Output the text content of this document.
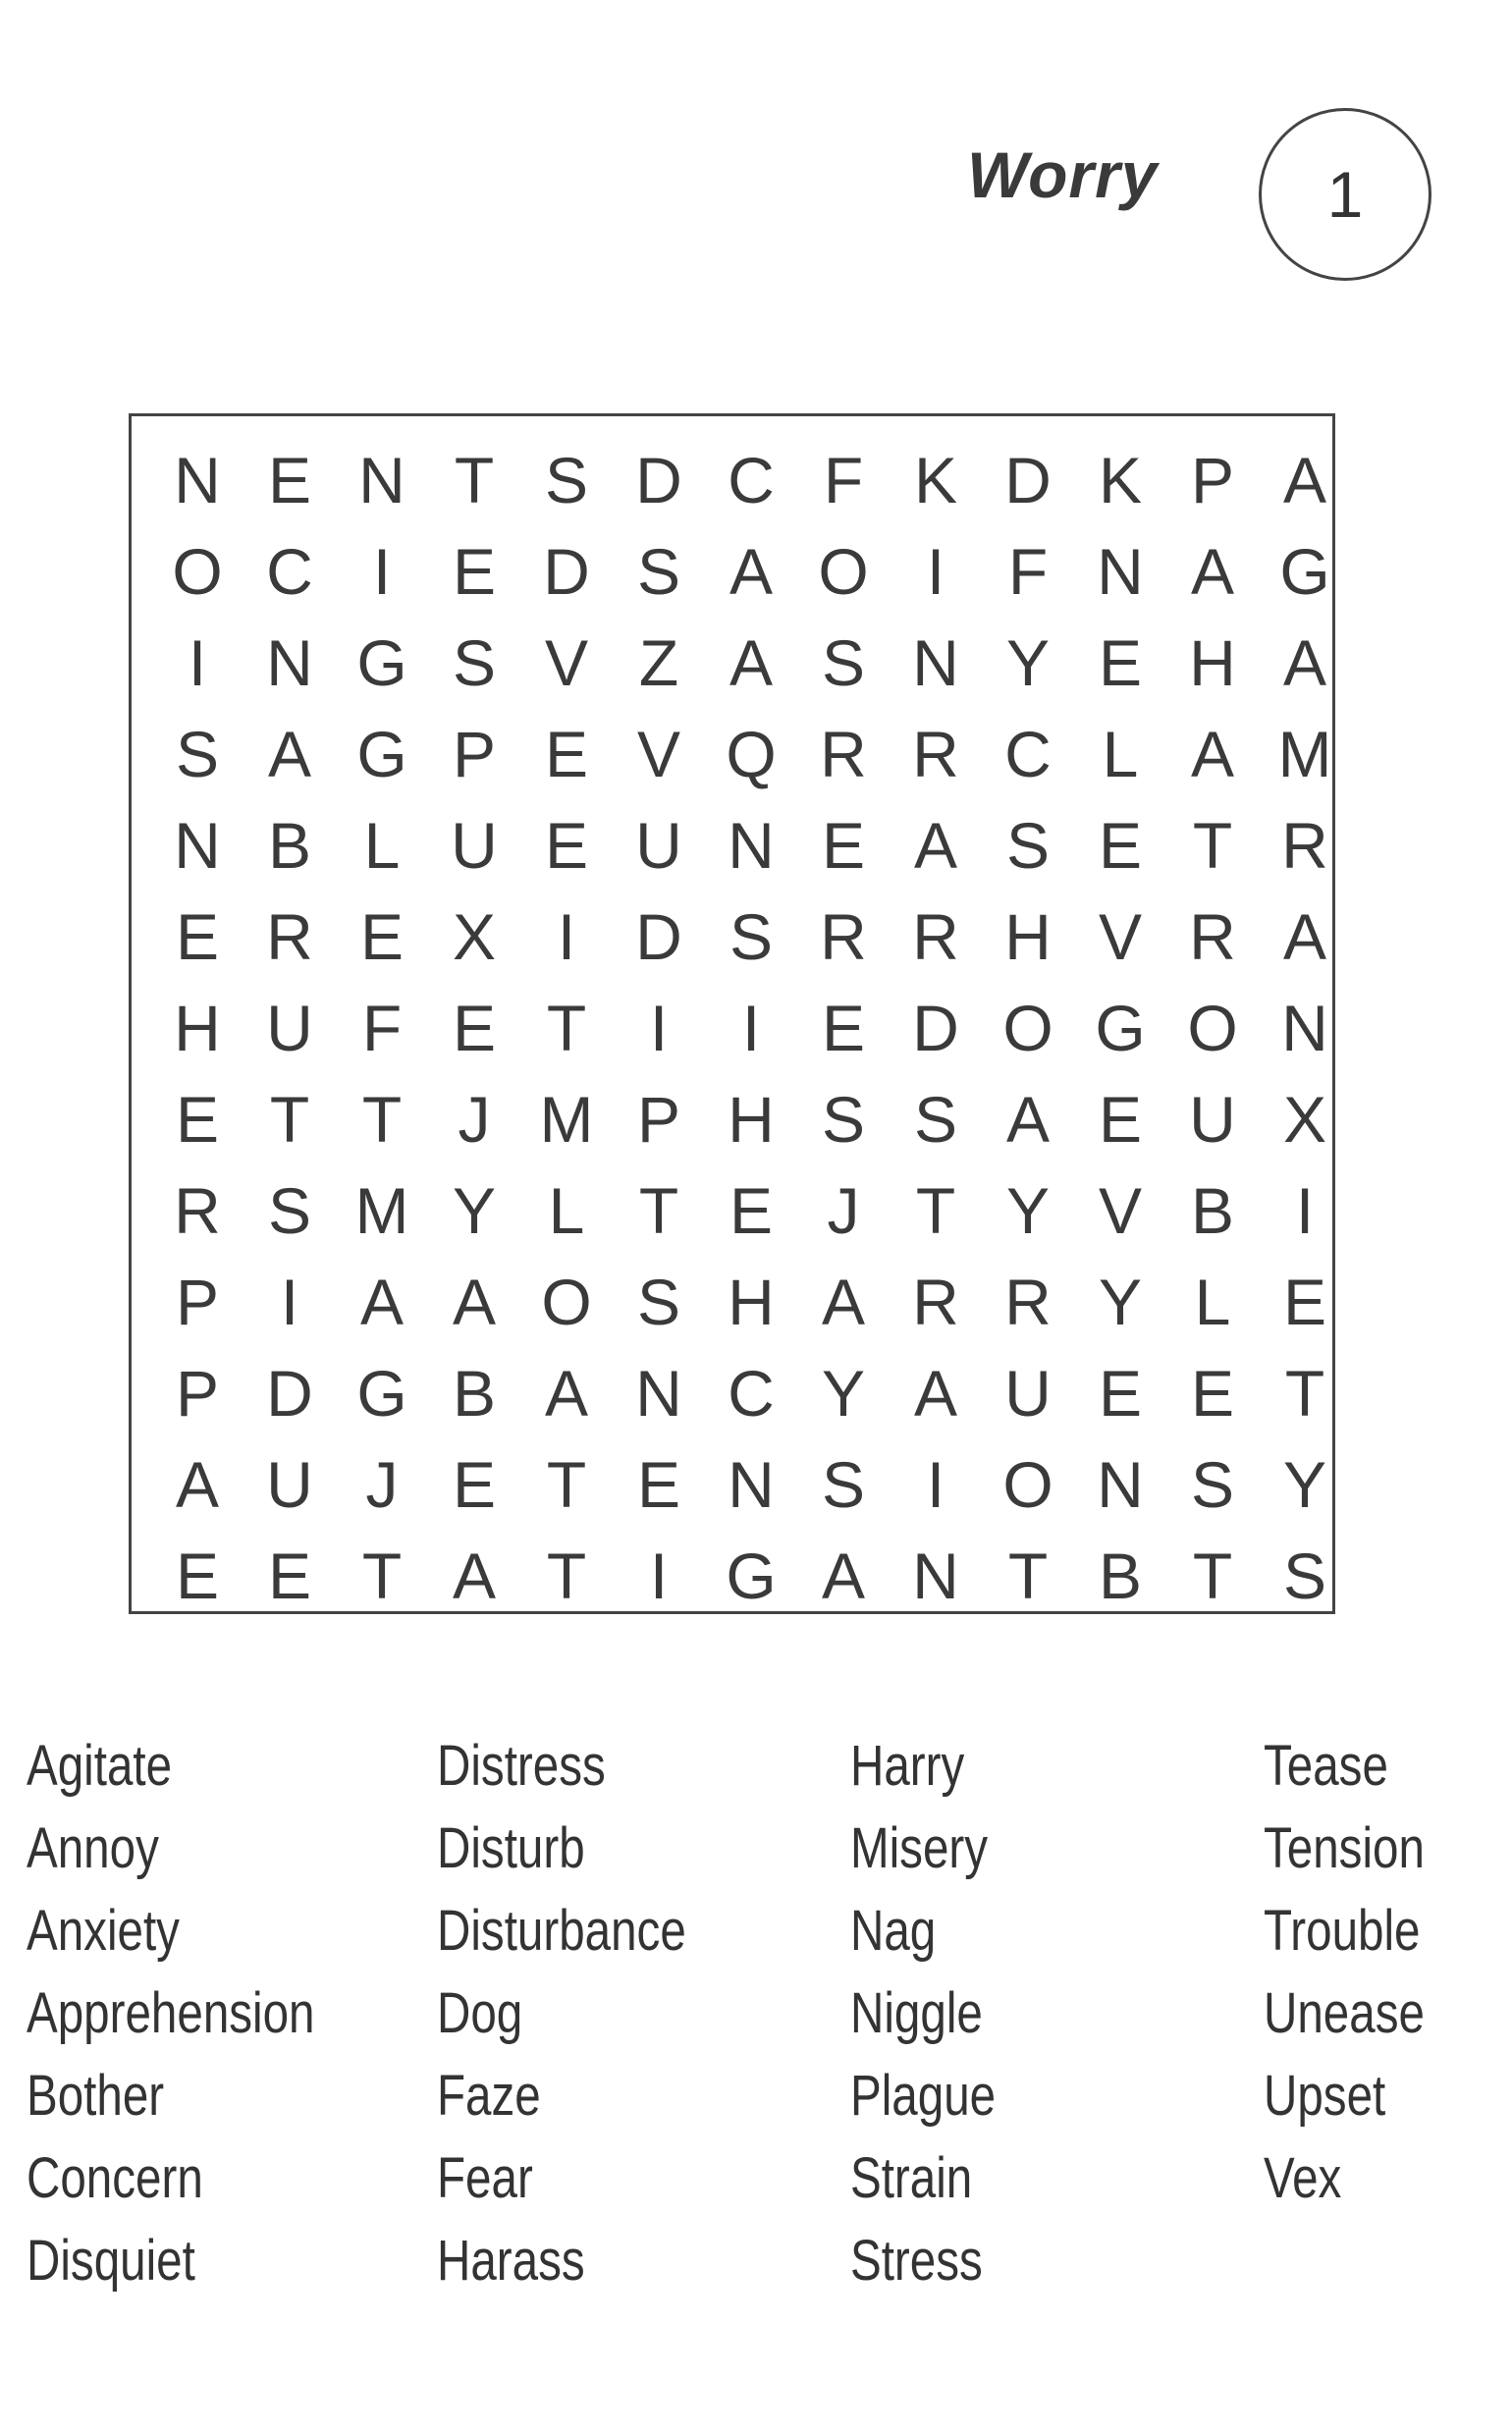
Worry	1
N E N T S D C F K D K P A
O C I E D S A O I F N A G
I N G S V Z A S N Y E H A
S A G P E V Q R R C L A M
N B L U E U N E A S E T R
E R E X I D S R R H V R A
H U F E T I	I E D O G O N
E T T J M P H S S A E U X
R S M Y L T E J T Y V B I
P I A A O S H A R R Y L E
P D G B A N C Y A U E E T
A U J E T E N S I O N S Y
E E T A T I G A N T B T S
Agitate
Annoy
Anxiety
Apprehension
Bother
Concern
Disquiet
Distress
Disturb
Disturbance
Dog
Faze
Fear
Harass
Harry
Misery
Nag
Niggle
Plague
Strain
Stress
Tease
Tension
Trouble
Unease
Upset
Vex
